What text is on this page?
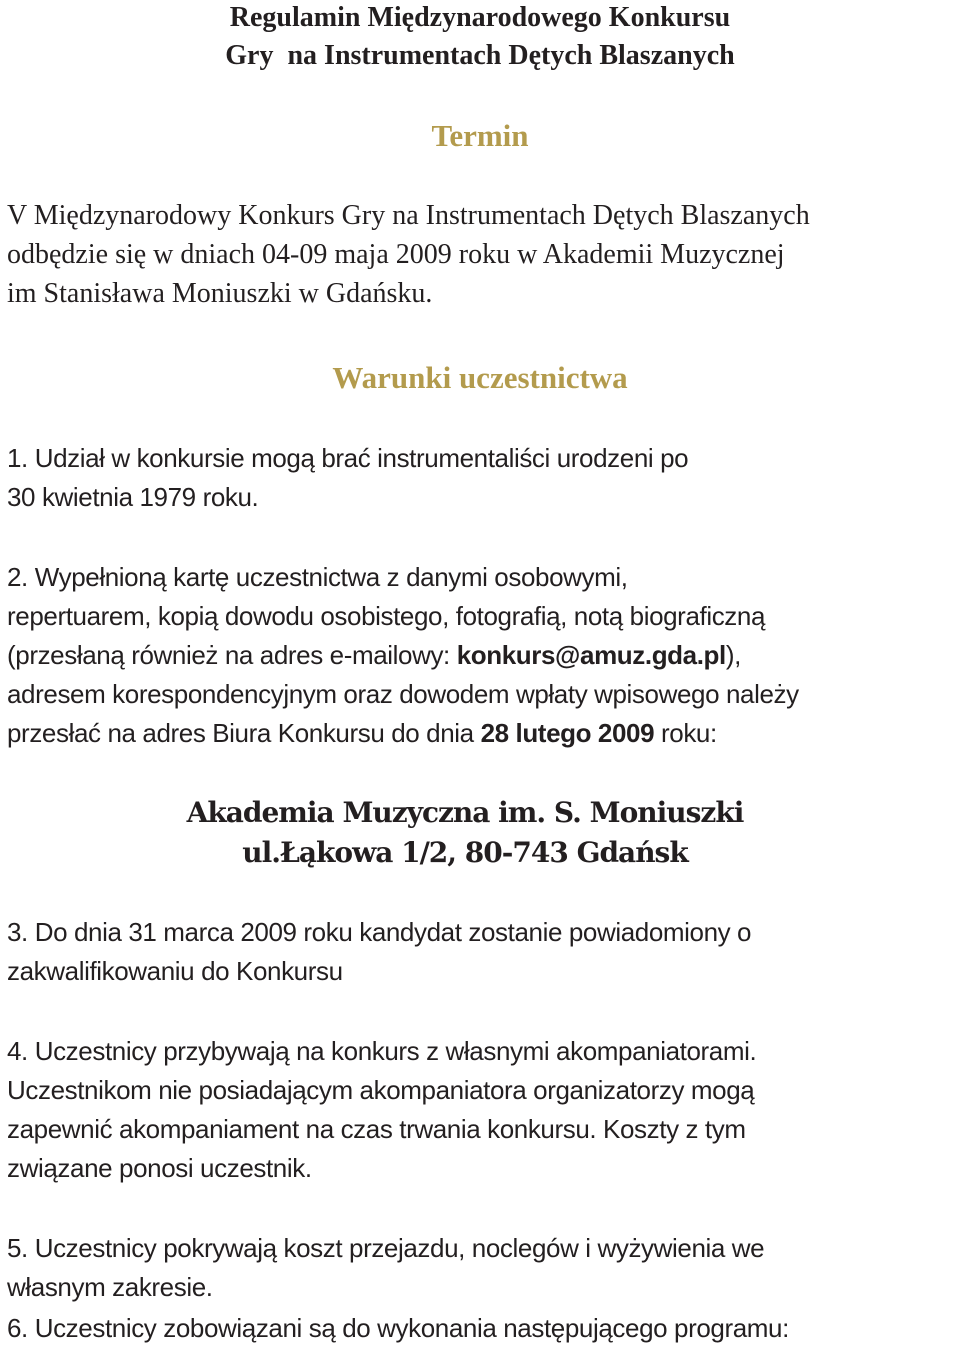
Regulamin Międzynarodowego Konkursu
Gry  na Instrumentach Dętych Blaszanych
Termin
V Międzynarodowy Konkurs Gry na Instrumentach Dętych Blaszanych
odbędzie się w dniach 04-09 maja 2009 roku w Akademii Muzycznej
im Stanisława Moniuszki w Gdańsku.
Warunki uczestnictwa
1. Udział w konkursie mogą brać instrumentaliści urodzeni po
30 kwietnia 1979 roku.
2. Wypełnioną kartę uczestnictwa z danymi osobowymi,
repertuarem, kopią dowodu osobistego, fotografią, notą biograficzną
(przesłaną również na adres e-mailowy: konkurs@amuz.gda.pl),
adresem korespondencyjnym oraz dowodem wpłaty wpisowego należy
przesłać na adres Biura Konkursu do dnia 28 lutego 2009 roku:
Akademia Muzyczna im. S. Moniuszki
ul.Łąkowa 1/2, 80-743 Gdańsk
3. Do dnia 31 marca 2009 roku kandydat zostanie powiadomiony o
zakwalifikowaniu do Konkursu
4. Uczestnicy przybywają na konkurs z własnymi akompaniatorami.
Uczestnikom nie posiadającym akompaniatora organizatorzy mogą
zapewnić akompaniament na czas trwania konkursu. Koszty z tym
związane ponosi uczestnik.
5. Uczestnicy pokrywają koszt przejazdu, noclegów i wyżywienia we
własnym zakresie.
6. Uczestnicy zobowiązani są do wykonania następującego programu:
